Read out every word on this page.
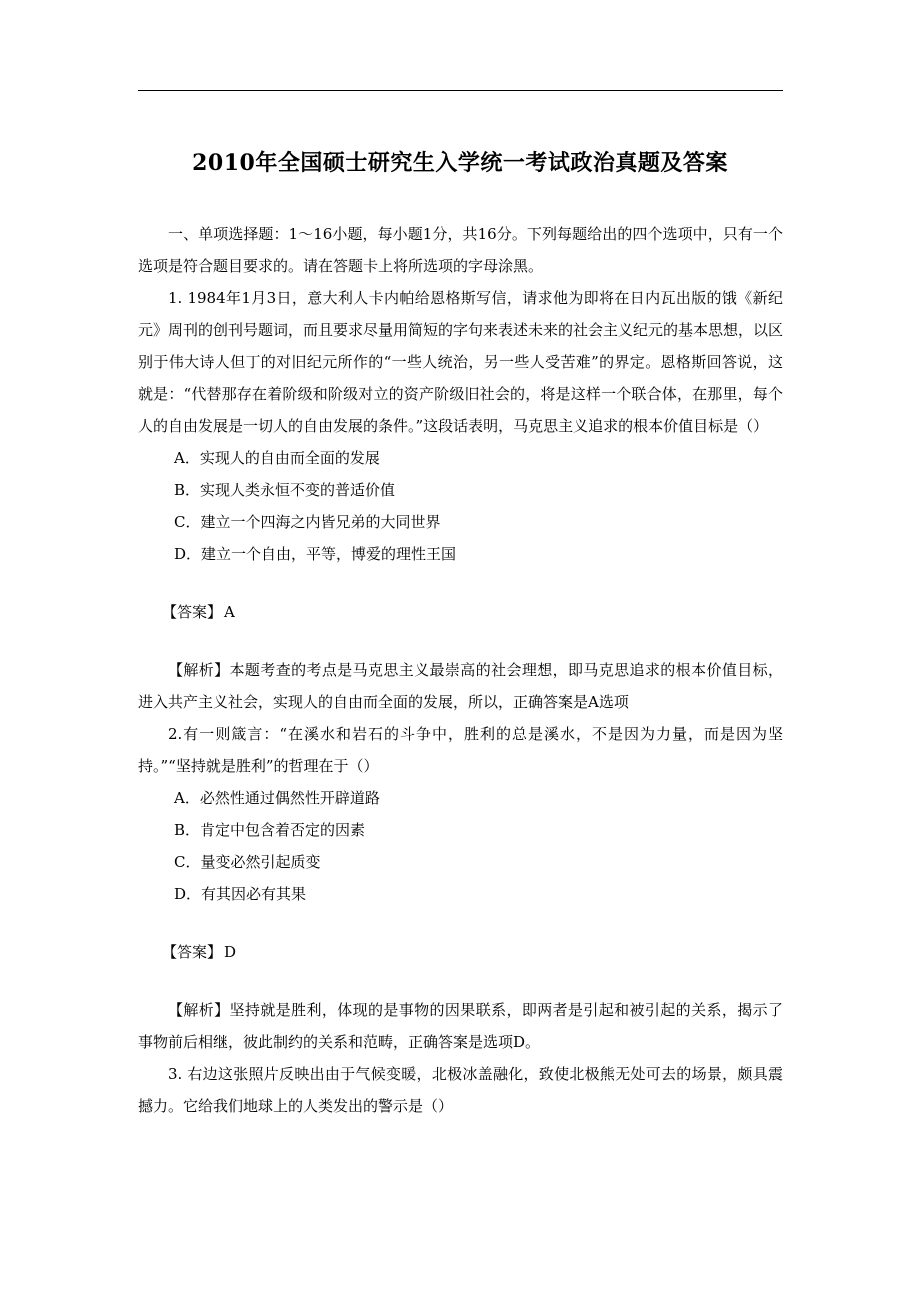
2010年全国硕士研究生入学统一考试政治真题及答案

一、单项选择题：1～16小题，每小题1分，共16分。下列每题给出的四个选项中，只有一个选项是符合题目要求的。请在答题卡上将所选项的字母涂黑。

1. 1984年1月3日，意大利人卡内帕给恩格斯写信，请求他为即将在日内瓦出版的饿《新纪元》周刊的创刊号题词，而且要求尽量用简短的字句来表述未来的社会主义纪元的基本思想，以区别于伟大诗人但丁的对旧纪元所作的“一些人统治，另一些人受苦难”的界定。恩格斯回答说，这就是：“代替那存在着阶级和阶级对立的资产阶级旧社会的，将是这样一个联合体，在那里，每个人的自由发展是一切人的自由发展的条件。”这段话表明，马克思主义追求的根本价值目标是（）

A．实现人的自由而全面的发展

B．实现人类永恒不变的普适价值

C．建立一个四海之内皆兄弟的大同世界

D．建立一个自由，平等，博爱的理性王国

【答案】 A

【解析】本题考查的考点是马克思主义最崇高的社会理想，即马克思追求的根本价值目标，进入共产主义社会，实现人的自由而全面的发展，所以，正确答案是A选项

2.有一则箴言：“在溪水和岩石的斗争中，胜利的总是溪水，不是因为力量，而是因为坚持。”“坚持就是胜利”的哲理在于（）

A．必然性通过偶然性开辟道路

B．肯定中包含着否定的因素

C．量变必然引起质变

D．有其因必有其果

【答案】 D

【解析】坚持就是胜利，体现的是事物的因果联系，即两者是引起和被引起的关系，揭示了事物前后相继，彼此制约的关系和范畴，正确答案是选项D。

3. 右边这张照片反映出由于气候变暖，北极冰盖融化，致使北极熊无处可去的场景，颇具震撼力。它给我们地球上的人类发出的警示是（）
